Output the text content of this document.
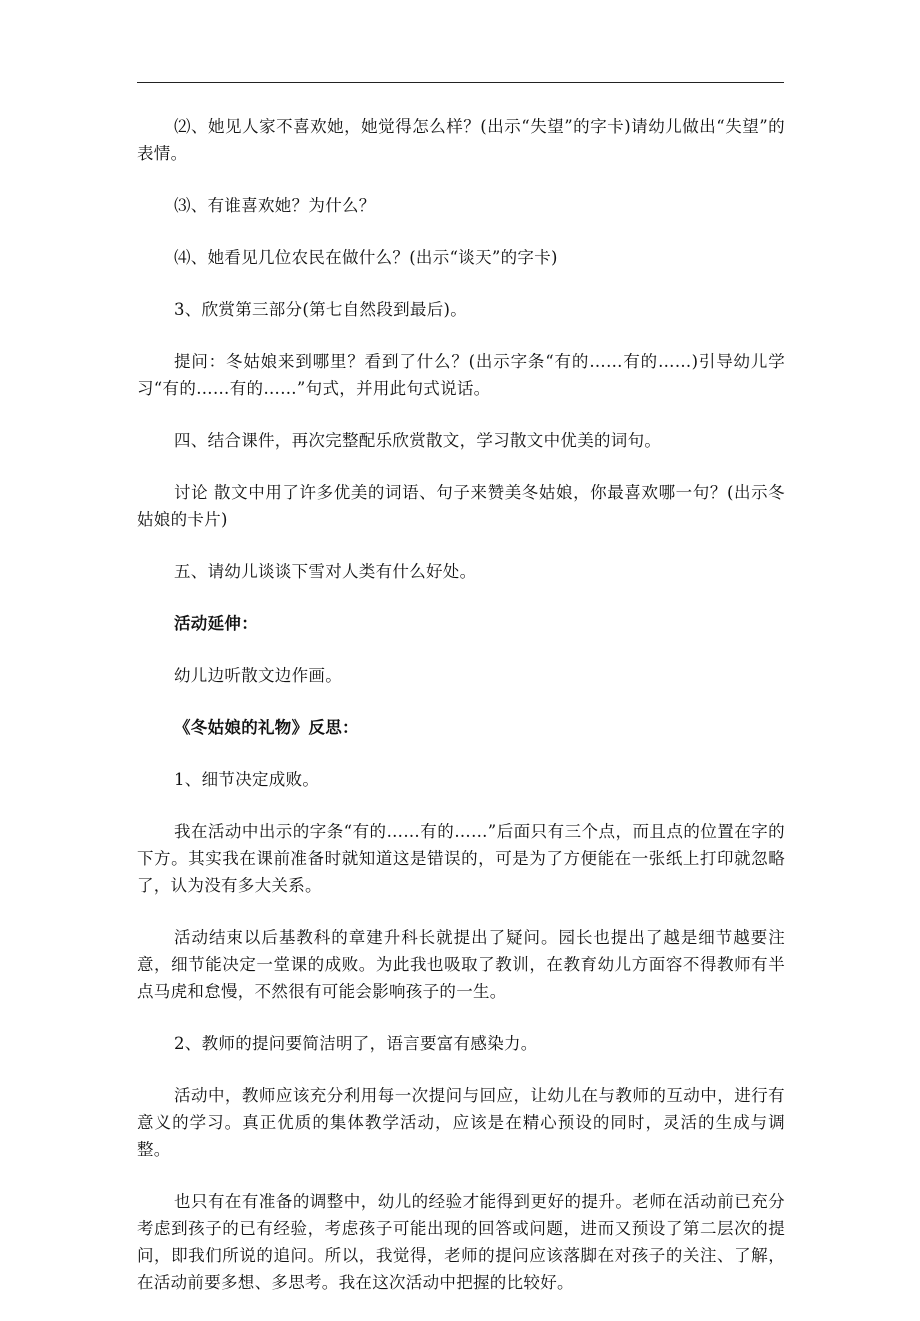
⑵、她见人家不喜欢她，她觉得怎么样？(出示“失望”的字卡)请幼儿做出“失望”的表情。

⑶、有谁喜欢她？为什么？

⑷、她看见几位农民在做什么？(出示“谈天”的字卡)

3、欣赏第三部分(第七自然段到最后)。

提问：冬姑娘来到哪里？看到了什么？(出示字条“有的……有的……)引导幼儿学习“有的……有的……”句式，并用此句式说话。

四、结合课件，再次完整配乐欣赏散文，学习散文中优美的词句。

讨论 散文中用了许多优美的词语、句子来赞美冬姑娘，你最喜欢哪一句？(出示冬姑娘的卡片)

五、请幼儿谈谈下雪对人类有什么好处。

活动延伸：

幼儿边听散文边作画。

《冬姑娘的礼物》反思：

1、细节决定成败。

我在活动中出示的字条“有的……有的……”后面只有三个点，而且点的位置在字的下方。其实我在课前准备时就知道这是错误的，可是为了方便能在一张纸上打印就忽略了，认为没有多大关系。

活动结束以后基教科的章建升科长就提出了疑问。园长也提出了越是细节越要注意，细节能决定一堂课的成败。为此我也吸取了教训，在教育幼儿方面容不得教师有半点马虎和怠慢，不然很有可能会影响孩子的一生。

2、教师的提问要简洁明了，语言要富有感染力。

活动中，教师应该充分利用每一次提问与回应，让幼儿在与教师的互动中，进行有意义的学习。真正优质的集体教学活动，应该是在精心预设的同时，灵活的生成与调整。

也只有在有准备的调整中，幼儿的经验才能得到更好的提升。老师在活动前已充分考虑到孩子的已有经验，考虑孩子可能出现的回答或问题，进而又预设了第二层次的提问，即我们所说的追问。所以，我觉得，老师的提问应该落脚在对孩子的关注、了解，在活动前要多想、多思考。我在这次活动中把握的比较好。
